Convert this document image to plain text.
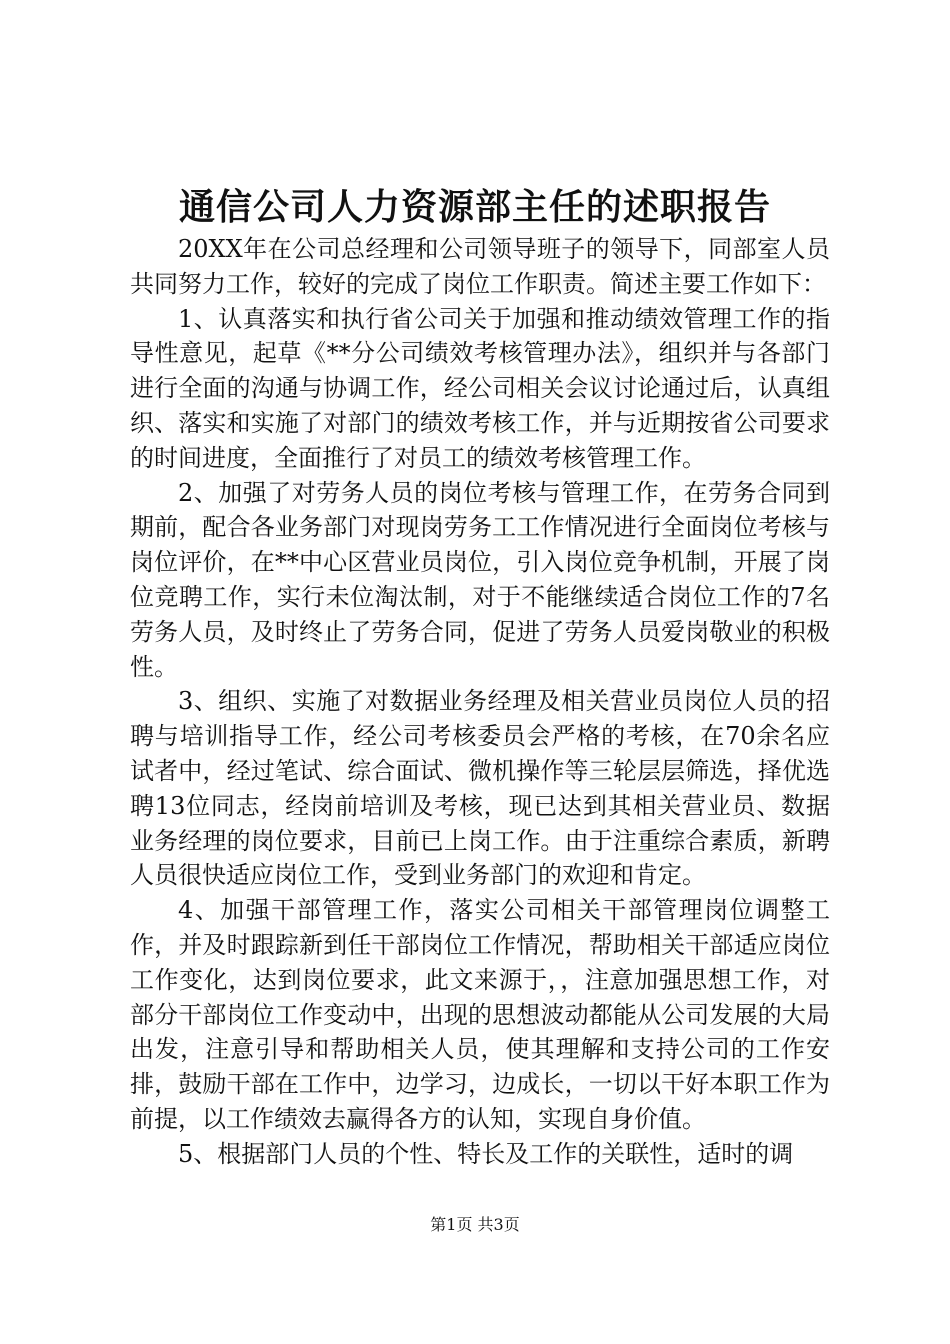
通信公司人力资源部主任的述职报告

20XX年在公司总经理和公司领导班子的领导下，同部室人员共同努力工作，较好的完成了岗位工作职责。简述主要工作如下：

1、认真落实和执行省公司关于加强和推动绩效管理工作的指导性意见，起草《**分公司绩效考核管理办法》，组织并与各部门进行全面的沟通与协调工作，经公司相关会议讨论通过后，认真组织、落实和实施了对部门的绩效考核工作，并与近期按省公司要求的时间进度，全面推行了对员工的绩效考核管理工作。

2、加强了对劳务人员的岗位考核与管理工作，在劳务合同到期前，配合各业务部门对现岗劳务工工作情况进行全面岗位考核与岗位评价，在**中心区营业员岗位，引入岗位竞争机制，开展了岗位竞聘工作，实行未位淘汰制，对于不能继续适合岗位工作的7名劳务人员，及时终止了劳务合同，促进了劳务人员爱岗敬业的积极性。

3、组织、实施了对数据业务经理及相关营业员岗位人员的招聘与培训指导工作，经公司考核委员会严格的考核，在70余名应试者中，经过笔试、综合面试、微机操作等三轮层层筛选，择优选聘13位同志，经岗前培训及考核，现已达到其相关营业员、数据业务经理的岗位要求，目前已上岗工作。由于注重综合素质，新聘人员很快适应岗位工作，受到业务部门的欢迎和肯定。

4、加强干部管理工作，落实公司相关干部管理岗位调整工作，并及时跟踪新到任干部岗位工作情况，帮助相关干部适应岗位工作变化，达到岗位要求，此文来源于，，注意加强思想工作，对部分干部岗位工作变动中，出现的思想波动都能从公司发展的大局出发，注意引导和帮助相关人员，使其理解和支持公司的工作安排，鼓励干部在工作中，边学习，边成长，一切以干好本职工作为前提，以工作绩效去赢得各方的认知，实现自身价值。

5、根据部门人员的个性、特长及工作的关联性，适时的调

第1页 共3页
